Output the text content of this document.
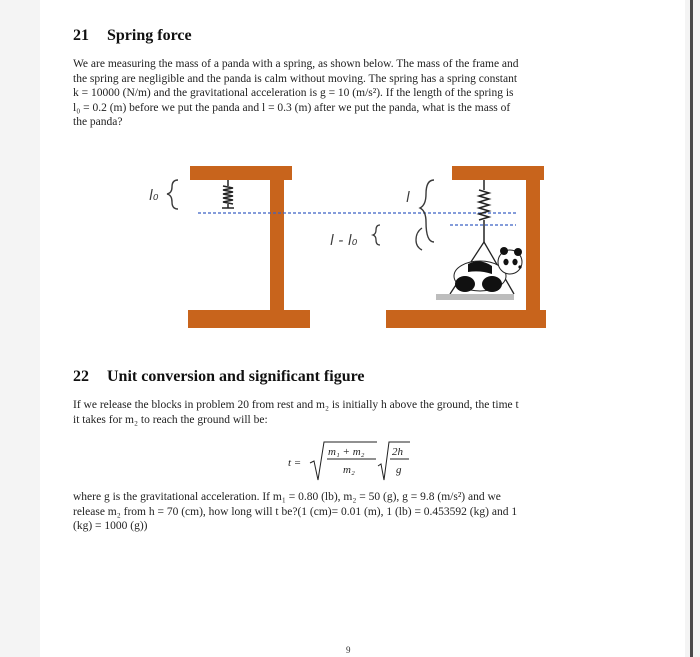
21 Spring force
We are measuring the mass of a panda with a spring, as shown below. The mass of the frame and
the spring are negligible and the panda is calm without moving. The spring has a spring constant
k = 10000 (N/m) and the gravitational acceleration is g = 10 (m/s²). If the length of the spring is
l₀ = 0.2 (m) before we put the panda and l = 0.3 (m) after we put the panda, what is the mass of
the panda?
l₀	l
l - l₀
22 Unit conversion and significant figure
If we release the blocks in problem 20 from rest and m₂ is initially h above the ground, the time t
it takes for m₂ to reach the ground will be:
t =
m₁ + m₂
m₂
2h
g
where g is the gravitational acceleration. If m₁ = 0.80 (lb), m₂ = 50 (g), g = 9.8 (m/s²) and we
release m₂ from h = 70 (cm), how long will t be?(1 (cm)= 0.01 (m), 1 (lb) = 0.453592 (kg) and 1
(kg) = 1000 (g))
9
